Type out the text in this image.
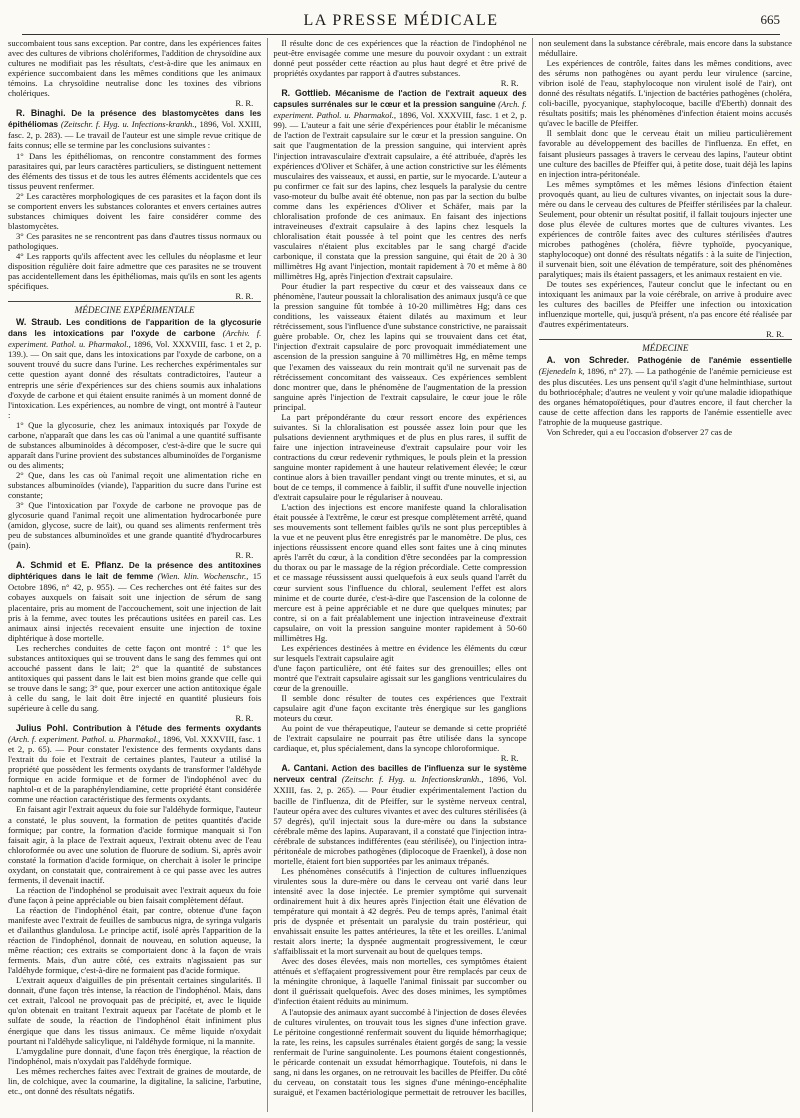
LA PRESSE MÉDICALE	665

succombaient tous sans exception. Par contre, dans les expériences faites avec des cultures de vibrions cholériformes, l'addition de chrysoïdine aux cultures ne modifiait pas les résultats, c'est-à-dire que les animaux en expérience succombaient dans les mêmes conditions que les animaux témoins. La chrysoïdine neutralise donc les toxines des vibrions cholériques.

R. R.

R. Binaghi. De la présence des blastomycètes dans les épithéliomas (Zeitschr. f. Hyg. u. Infections-krankh., 1896, Vol. XXIII, fasc. 2, p. 283). — Le travail de l'auteur est une simple revue critique de faits connus; elle se termine par les conclusions suivantes :

1° Dans les épithéliomas, on rencontre constamment des formes parasitaires qui, par leurs caractères particuliers, se distinguent nettement des éléments des tissus et de tous les autres éléments accidentels que ces tissus peuvent renfermer.

2° Les caractères morphologiques de ces parasites et la façon dont ils se comportent envers les substances colorantes et envers certaines autres substances chimiques doivent les faire considérer comme des blastomycètes.

3° Ces parasites ne se rencontrent pas dans d'autres tissus normaux ou pathologiques.

4° Les rapports qu'ils affectent avec les cellules du néoplasme et leur disposition régulière doit faire admettre que ces parasites ne se trouvent pas accidentellement dans les épithéliomas, mais qu'ils en sont les agents spécifiques.

R. R.
MÉDECINE EXPÉRIMENTALE

W. Straub. Les conditions de l'apparition de la glycosurie dans les intoxications par l'oxyde de carbone (Archiv. f. experiment. Pathol. u. Pharmakol., 1896, Vol. XXXVIII, fasc. 1 et 2, p. 139.). — On sait que, dans les intoxications par l'oxyde de carbone, on a souvent trouvé du sucre dans l'urine. Les recherches expérimentales sur cette question ayant donné des résultats contradictoires, l'auteur a entrepris une série d'expériences sur des chiens soumis aux inhalations d'oxyde de carbone et qui étaient ensuite ranimés à un moment donné de l'intoxication. Les expériences, au nombre de vingt, ont montré à l'auteur :

1° Que la glycosurie, chez les animaux intoxiqués par l'oxyde de carbone, n'apparaît que dans les cas où l'animal a une quantité suffisante de substances albuminoïdes à décomposer, c'est-à-dire que le sucre qui apparaît dans l'urine provient des substances albuminoïdes de l'organisme ou des aliments;

2° Que, dans les cas où l'animal reçoit une alimentation riche en substances albuminoïdes (viande), l'apparition du sucre dans l'urine est constante;

3° Que l'intoxication par l'oxyde de carbone ne provoque pas de glycosurie quand l'animal reçoit une alimentation hydrocarbonée pure (amidon, glycose, sucre de lait), ou quand ses aliments renferment très peu de substances albuminoïdes et une grande quantité d'hydrocarbures (pain).

R. R.

A. Schmid et E. Pflanz. De la présence des antitoxines diphtériques dans le lait de femme (Wien. klin. Wochenschr., 15 Octobre 1896, n° 42, p. 955). — Ces recherches ont été faites sur des cobayes auxquels on faisait soit une injection de sérum de sang placentaire, pris au moment de l'accouchement, soit une injection de lait pris à la femme, avec toutes les précautions usitées en pareil cas. Les animaux ainsi injectés recevaient ensuite une injection de toxine diphtérique à dose mortelle.

Les recherches conduites de cette façon ont montré : 1° que les substances antitoxiques qui se trouvent dans le sang des femmes qui ont accouché passent dans le lait; 2° que la quantité de substances antitoxiques qui passent dans le lait est bien moins grande que celle qui se trouve dans le sang; 3° que, pour exercer une action antitoxique égale à celle du sang, le lait doit être injecté en quantité plusieurs fois supérieure à celle du sang.

R. R.

Julius Pohl. Contribution à l'étude des ferments oxydants (Arch. f. experiment. Pathol. u. Pharmakol., 1896, Vol. XXXVIII, fasc. 1 et 2, p. 65). — Pour constater l'existence des ferments oxydants dans l'extrait du foie et l'extrait de certaines plantes, l'auteur a utilisé la propriété que possèdent les ferments oxydants de transformer l'aldéhyde formique en acide formique et de former de l'indophénol avec du naphtol-α et de la paraphénylendiamine, cette propriété étant considérée comme une réaction caractéristique des ferments oxydants.

En faisant agir l'extrait aqueux du foie sur l'aldéhyde formique, l'auteur a constaté, le plus souvent, la formation de petites quantités d'acide formique; par contre, la formation d'acide formique manquait si l'on faisait agir, à la place de l'extrait aqueux, l'extrait obtenu avec de l'eau chloroformée ou avec une solution de fluorure de sodium. Si, après avoir constaté la formation d'acide formique, on cherchait à isoler le principe oxydant, on constatait que, contrairement à ce qui passe avec les autres ferments, il devenait inactif.

La réaction de l'indophénol se produisait avec l'extrait aqueux du foie d'une façon à peine appréciable ou bien faisait complètement défaut.

La réaction de l'indophénol était, par contre, obtenue d'une façon manifeste avec l'extrait de feuilles de sambucus nigra, de syringa vulgaris et d'ailanthus glandulosa. Le principe actif, isolé après l'apparition de la réaction de l'indophénol, donnait de nouveau, en solution aqueuse, la même réaction; ces extraits se comportaient donc à la façon de vrais ferments. Mais, d'un autre côté, ces extraits n'agissaient pas sur l'aldéhyde formique, c'est-à-dire ne formaient pas d'acide formique.

L'extrait aqueux d'aiguilles de pin présentait certaines singularités. Il donnait, d'une façon très intense, la réaction de l'indophénol. Mais, dans cet extrait, l'alcool ne provoquait pas de précipité, et, avec le liquide qu'on obtenait en traitant l'extrait aqueux par l'acétate de plomb et le sulfate de soude, la réaction de l'indophénol était infiniment plus énergique que dans les tissus animaux. Ce même liquide n'oxydait pourtant ni l'aldéhyde salicylique, ni l'aldéhyde formique, ni la mannite.

L'amygdaline pure donnait, d'une façon très énergique, la réaction de l'indophénol, mais n'oxydait pas l'aldéhyde formique.

Les mêmes recherches faites avec l'extrait de graines de moutarde, de lin, de colchique, avec la coumarine, la digitaline, la salicine, l'arbutine, etc., ont donné des résultats négatifs.

Il résulte donc de ces expériences que la réaction de l'indophénol ne peut-être envisagée comme une mesure du pouvoir oxydant : un extrait donné peut posséder cette réaction au plus haut degré et être privé de propriétés oxydantes par rapport à d'autres substances.

R. R.

R. Gottlieb. Mécanisme de l'action de l'extrait aqueux des capsules surrénales sur le cœur et la pression sanguine (Arch. f. experiment. Pathol. u. Pharmakol., 1896, Vol. XXXVIII, fasc. 1 et 2, p. 99). — L'auteur a fait une série d'expériences pour établir le mécanisme de l'action de l'extrait capsulaire sur le cœur et la pression sanguine. On sait que l'augmentation de la pression sanguine, qui intervient après l'injection intravasculaire d'extrait capsulaire, a été attribuée, d'après les expériences d'Oliver et Schäfer, à une action constrictive sur les éléments musculaires des vaisseaux, et aussi, en partie, sur le myocarde. L'auteur a pu confirmer ce fait sur des lapins, chez lesquels la paralysie du centre vaso-moteur du bulbe avait été obtenue, non pas par la section du bulbe comme dans les expériences d'Oliver et Schäfer, mais par la chloralisation profonde de ces animaux. En faisant des injections intraveineuses d'extrait capsulaire à des lapins chez lesquels la chloralisation était poussée à tel point que les centres des nerfs vasculaires n'étaient plus excitables par le sang chargé d'acide carbonique, il constata que la pression sanguine, qui était de 20 à 30 millimètres Hg avant l'injection, montait rapidement à 70 et même à 80 millimètres Hg, après l'injection d'extrait capsulaire.

Pour étudier la part respective du cœur et des vaisseaux dans ce phénomène, l'auteur poussait la chloralisation des animaux jusqu'à ce que la pression sanguine fût tombée à 10-20 millimètres Hg; dans ces conditions, les vaisseaux étaient dilatés au maximum et leur rétrécissement, sous l'influence d'une substance constrictive, ne paraissait guère probable. Or, chez les lapins qui se trouvaient dans cet état, l'injection d'extrait capsulaire de porc provoquait immédiatement une ascension de la pression sanguine à 70 millimètres Hg, en même temps que l'examen des vaisseaux du rein montrait qu'il ne survenait pas de rétrécissement concomitant des vaisseaux. Ces expériences semblent donc montrer que, dans le phénomène de l'augmentation de la pression sanguine après l'injection de l'extrait capsulaire, le cœur joue le rôle principal.

La part prépondérante du cœur ressort encore des expériences suivantes. Si la chloralisation est poussée assez loin pour que les pulsations deviennent arythmiques et de plus en plus rares, il suffit de faire une injection intraveineuse d'extrait capsulaire pour voir les contractions du cœur redevenir rythmiques, le pouls plein et la pression sanguine monter rapidement à une hauteur relativement élevée; le cœur continue alors à bien travailler pendant vingt ou trente minutes, et si, au bout de ce temps, il commence à faiblir, il suffit d'une nouvelle injection d'extrait capsulaire pour le régulariser à nouveau.

L'action des injections est encore manifeste quand la chloralisation était poussée à l'extrême, le cœur est presque complètement arrêté, quand ses mouvements sont tellement faibles qu'ils ne sont plus perceptibles à la vue et ne peuvent plus être enregistrés par le manomètre. De plus, ces injections réussissent encore quand elles sont faites une à cinq minutes après l'arrêt du cœur, à la condition d'être secondées par la compression du thorax ou par le massage de la région précordiale. Cette compression et ce massage réussissent aussi quelquefois à eux seuls quand l'arrêt du cœur survient sous l'influence du chloral, seulement l'effet est alors minime et de courte durée, c'est-à-dire que l'ascension de la colonne de mercure est à peine appréciable et ne dure que quelques minutes; par contre, si on a fait préalablement une injection intraveineuse d'extrait capsulaire, on voit la pression sanguine monter rapidement à 50-60 millimètres Hg.

Les expériences destinées à mettre en évidence les éléments du cœur sur lesquels l'extrait capsulaire agit

d'une façon particulière, ont été faites sur des grenouilles; elles ont montré que l'extrait capsulaire agissait sur les ganglions ventriculaires du cœur de la grenouille.

Il semble donc résulter de toutes ces expériences que l'extrait capsulaire agit d'une façon excitante très énergique sur les ganglions moteurs du cœur.

Au point de vue thérapeutique, l'auteur se demande si cette propriété de l'extrait capsulaire ne pourrait pas être utilisée dans la syncope cardiaque, et, plus spécialement, dans la syncope chloroformique.

R. R.

A. Cantani. Action des bacilles de l'influenza sur le système nerveux central (Zeitschr. f. Hyg. u. Infectionskrankh., 1896, Vol. XXIII, fas. 2, p. 265). — Pour étudier expérimentalement l'action du bacille de l'influenza, dit de Pfeiffer, sur le système nerveux central, l'auteur opéra avec des cultures vivantes et avec des cultures stérilisées (à 57 degrés), qu'il injectait sous la dure-mère ou dans la substance cérébrale même des lapins. Auparavant, il a constaté que l'injection intra-cérébrale de substances indifférentes (eau stérilisée), ou l'injection intra-péritonéale de microbes pathogènes (diplocoque de Fraenkel), à dose non mortelle, étaient fort bien supportées par les animaux trépanés.

Les phénomènes consécutifs à l'injection de cultures influenziques virulentes sous la dure-mère ou dans le cerveau ont varié dans leur intensité avec la dose injectée. Le premier symptôme qui survenait ordinairement huit à dix heures après l'injection était une élévation de température qui montait à 42 degrés. Peu de temps après, l'animal était pris de dyspnée et présentait un paralysie du train postérieur, qui envahissait ensuite les pattes antérieures, la tête et les oreilles. L'animal restait alors inerte; la dyspnée augmentait progressivement, le cœur s'affaiblissait et la mort survenait au bout de quelques temps.

Avec des doses élevées, mais non mortelles, ces symptômes étaient atténués et s'effaçaient progressivement pour être remplacés par ceux de la méningite chronique, à laquelle l'animal finissait par succomber ou dont il guérissait quelquefois. Avec des doses minimes, les symptômes d'infection étaient réduits au minimum.

A l'autopsie des animaux ayant succombé à l'injection de doses élevées de cultures virulentes, on trouvait tous les signes d'une infection grave. Le péritoine congestionné renfermait souvent du liquide hémorrhagique; la rate, les reins, les capsules surrénales étaient gorgés de sang; la vessie renfermait de l'urine sanguinolente. Les poumons étaient congestionnés, le péricarde contenait un exsudat hémorrhagique. Toutefois, ni dans le sang, ni dans les organes, on ne retrouvait les bacilles de Pfeiffer. Du côté du cerveau, on constatait tous les signes d'une méningo-encéphalite suraiguë, et l'examen bactériologique permettait de retrouver les bacilles, non seulement dans la substance cérébrale, mais encore dans la substance médullaire.

Les expériences de contrôle, faites dans les mêmes conditions, avec des sérums non pathogènes ou ayant perdu leur virulence (sarcine, vibrion isolé de l'eau, staphylocoque non virulent isolé de l'air), ont donné des résultats négatifs. L'injection de bactéries pathogènes (choléra, coli-bacille, pyocyanique, staphylocoque, bacille d'Eberth) donnait des résultats positifs; mais les phénomènes d'infection étaient moins accusés qu'avec le bacille de Pfeiffer.

Il semblait donc que le cerveau était un milieu particulièrement favorable au développement des bacilles de l'influenza. En effet, en faisant plusieurs passages à travers le cerveau des lapins, l'auteur obtint une culture des bacilles de Pfeiffer qui, à petite dose, tuait déjà les lapins en injection intra-péritonéale.

Les mêmes symptômes et les mêmes lésions d'infection étaient provoqués quant, au lieu de cultures vivantes, on injectait sous la dure-mère ou dans le cerveau des cultures de Pfeiffer stérilisées par la chaleur. Seulement, pour obtenir un résultat positif, il fallait toujours injecter une dose plus élevée de cultures mortes que de cultures vivantes. Les expériences de contrôle faites avec des cultures stérilisées d'autres microbes pathogènes (choléra, fièvre typhoïde, pyocyanique, staphylocoque) ont donné des résultats négatifs : à la suite de l'injection, il survenait bien, soit une élévation de température, soit des phénomènes paralytiques; mais ils étaient passagers, et les animaux restaient en vie.

De toutes ses expériences, l'auteur conclut que le infectant ou en intoxiquant les animaux par la voie cérébrale, on arrive à produire avec les cultures des bacilles de Pfeiffer une infection ou intoxication influenzique mortelle, qui, jusqu'à présent, n'a pas encore été réalisée par d'autres expérimentateurs.

R. R.
MÉDECINE

A. von Schreder. Pathogénie de l'anémie essentielle (Ejenedeln k, 1896, n° 27). — La pathogénie de l'anémie pernicieuse est des plus discutées. Les uns pensent qu'il s'agit d'une helminthiase, surtout du bothriocéphale; d'autres ne veulent y voir qu'une maladie idiopathique des organes hématopoïétiques, pour d'autres encore, il faut chercher la cause de cette affection dans les rapports de l'anémie essentielle avec l'atrophie de la muqueuse gastrique.

Von Schreder, qui a eu l'occasion d'observer 27 cas de
